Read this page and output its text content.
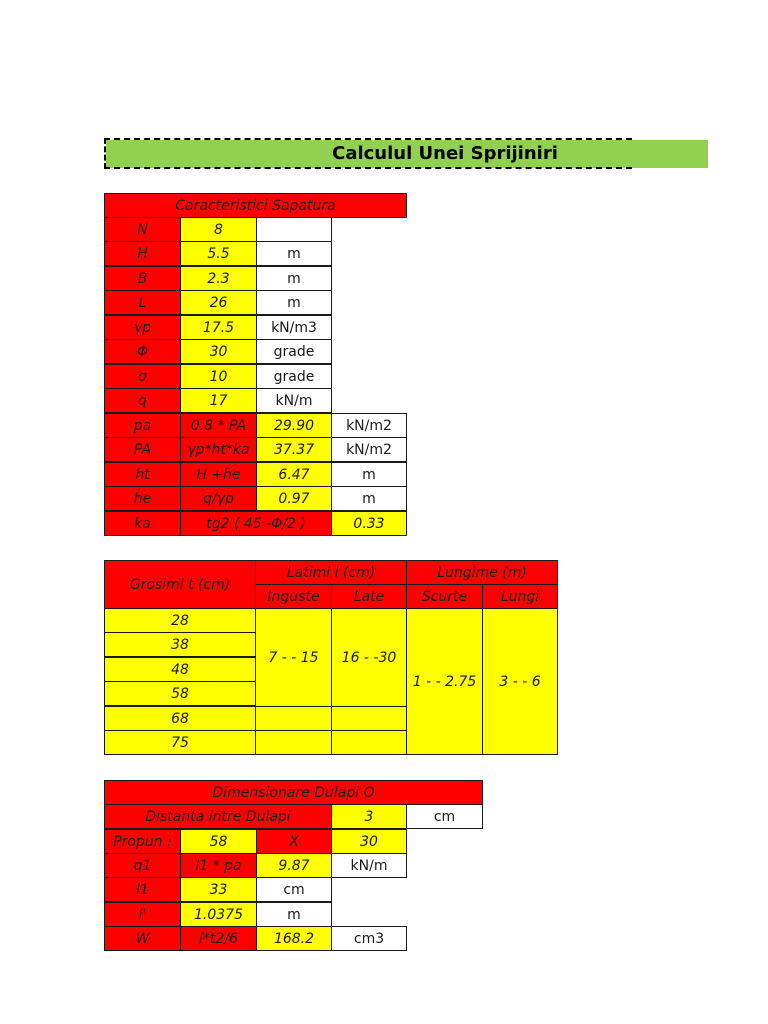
Calculul Unei Sprijiniri
Caracteristici Sapatura
N	8
H	5.5	m
B	2.3	m
L	26	m
γp	17.5	kN/m3
Φ	30	grade
σ	10	grade
q	17	kN/m
pa	0.8 * PA	29.90	kN/m2
PA	γp*ht*ka	37.37	kN/m2
ht	H +he	6.47	m
he	q/γp	0.97	m
ka	tg2 ( 45 -Φ/2 )	0.33
Grosimi t (cm)
Latimi l (cm)	Lungime (m)
Inguste	Late	Scurte	Lungi
28
38
48
58
68
75
7 - - 15	16 - -30
1 - - 2.75	3 - - 6
Dimensionare Dulapi O
Distanta intre Dulapi	3	cm
Propun :	58	X	30
q1	l1 * pa	9.87	kN/m
l1	33	cm
l'	1.0375	m
W	l*t2/6	168.2	cm3
